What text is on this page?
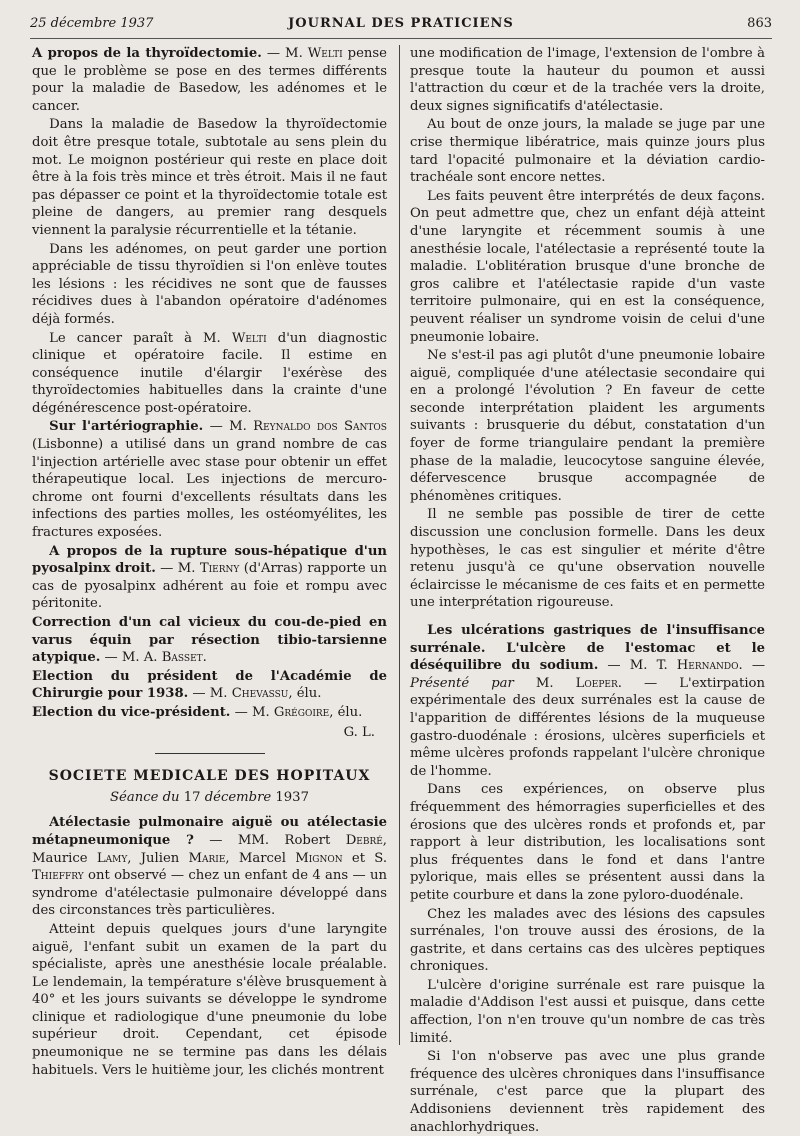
25 décembre 1937	JOURNAL DES PRATICIENS	863

A propos de la thyroïdectomie. — M. Welti pense que le problème se pose en des termes différents pour la maladie de Basedow, les adénomes et le cancer.

Dans la maladie de Basedow la thyroïdectomie doit être presque totale, subtotale au sens plein du mot. Le moignon postérieur qui reste en place doit être à la fois très mince et très étroit. Mais il ne faut pas dépasser ce point et la thyroïdectomie totale est pleine de dangers, au premier rang desquels viennent la paralysie récurrentielle et la tétanie.

Dans les adénomes, on peut garder une portion appréciable de tissu thyroïdien si l'on enlève toutes les lésions : les récidives ne sont que de fausses récidives dues à l'abandon opératoire d'adénomes déjà formés.

Le cancer paraît à M. Welti d'un diagnostic clinique et opératoire facile. Il estime en conséquence inutile d'élargir l'exérèse des thyroïdectomies habituelles dans la crainte d'une dégénérescence post-opératoire.

Sur l'artériographie. — M. Reynaldo dos Santos (Lisbonne) a utilisé dans un grand nombre de cas l'injection artérielle avec stase pour obtenir un effet thérapeutique local. Les injections de mercuro-chrome ont fourni d'excellents résultats dans les infections des parties molles, les ostéomyélites, les fractures exposées.

A propos de la rupture sous-hépatique d'un pyosalpinx droit. — M. Tierny (d'Arras) rapporte un cas de pyosalpinx adhérent au foie et rompu avec péritonite.

Correction d'un cal vicieux du cou-de-pied en varus équin par résection tibio-tarsienne atypique. — M. A. Basset.

Election du président de l'Académie de Chirurgie pour 1938. — M. Chevassu, élu.

Election du vice-président. — M. Grégoire, élu.

G. L.

SOCIETE MEDICALE DES HOPITAUX

Séance du 17 décembre 1937

Atélectasie pulmonaire aiguë ou atélectasie métapneumonique ? — MM. Robert Debré, Maurice Lamy, Julien Marie, Marcel Mignon et S. Thieffry ont observé — chez un enfant de 4 ans — un syndrome d'atélectasie pulmonaire développé dans des circonstances très particulières.

Atteint depuis quelques jours d'une laryngite aiguë, l'enfant subit un examen de la part du spécialiste, après une anesthésie locale préalable. Le lendemain, la température s'élève brusquement à 40° et les jours suivants se développe le syndrome clinique et radiologique d'une pneumonie du lobe supérieur droit. Cependant, cet épisode pneumonique ne se termine pas dans les délais habituels. Vers le huitième jour, les clichés montrent

une modification de l'image, l'extension de l'ombre à presque toute la hauteur du poumon et aussi l'attraction du cœur et de la trachée vers la droite, deux signes significatifs d'atélectasie.

Au bout de onze jours, la malade se juge par une crise thermique libératrice, mais quinze jours plus tard l'opacité pulmonaire et la déviation cardio-trachéale sont encore nettes.

Les faits peuvent être interprétés de deux façons. On peut admettre que, chez un enfant déjà atteint d'une laryngite et récemment soumis à une anesthésie locale, l'atélectasie a représenté toute la maladie. L'oblitération brusque d'une bronche de gros calibre et l'atélectasie rapide d'un vaste territoire pulmonaire, qui en est la conséquence, peuvent réaliser un syndrome voisin de celui d'une pneumonie lobaire.

Ne s'est-il pas agi plutôt d'une pneumonie lobaire aiguë, compliquée d'une atélectasie secondaire qui en a prolongé l'évolution ? En faveur de cette seconde interprétation plaident les arguments suivants : brusquerie du début, constatation d'un foyer de forme triangulaire pendant la première phase de la maladie, leucocytose sanguine élevée, défervescence brusque accompagnée de phénomènes critiques.

Il ne semble pas possible de tirer de cette discussion une conclusion formelle. Dans les deux hypothèses, le cas est singulier et mérite d'être retenu jusqu'à ce qu'une observation nouvelle éclaircisse le mécanisme de ces faits et en permette une interprétation rigoureuse.

Les ulcérations gastriques de l'insuffisance surrénale. L'ulcère de l'estomac et le déséquilibre du sodium. — M. T. Hernando. — Présenté par M. Loeper. — L'extirpation expérimentale des deux surrénales est la cause de l'apparition de différentes lésions de la muqueuse gastro-duodénale : érosions, ulcères superficiels et même ulcères profonds rappelant l'ulcère chronique de l'homme.

Dans ces expériences, on observe plus fréquemment des hémorragies superficielles et des érosions que des ulcères ronds et profonds et, par rapport à leur distribution, les localisations sont plus fréquentes dans le fond et dans l'antre pylorique, mais elles se présentent aussi dans la petite courbure et dans la zone pyloro-duodénale.

Chez les malades avec des lésions des capsules surrénales, l'on trouve aussi des érosions, de la gastrite, et dans certains cas des ulcères peptiques chroniques.

L'ulcère d'origine surrénale est rare puisque la maladie d'Addison l'est aussi et puisque, dans cette affection, l'on n'en trouve qu'un nombre de cas très limité.

Si l'on n'observe pas avec une plus grande fréquence des ulcères chroniques dans l'insuffisance surrénale, c'est parce que la plupart des Addisoniens deviennent très rapidement des anachlorhydriques.
